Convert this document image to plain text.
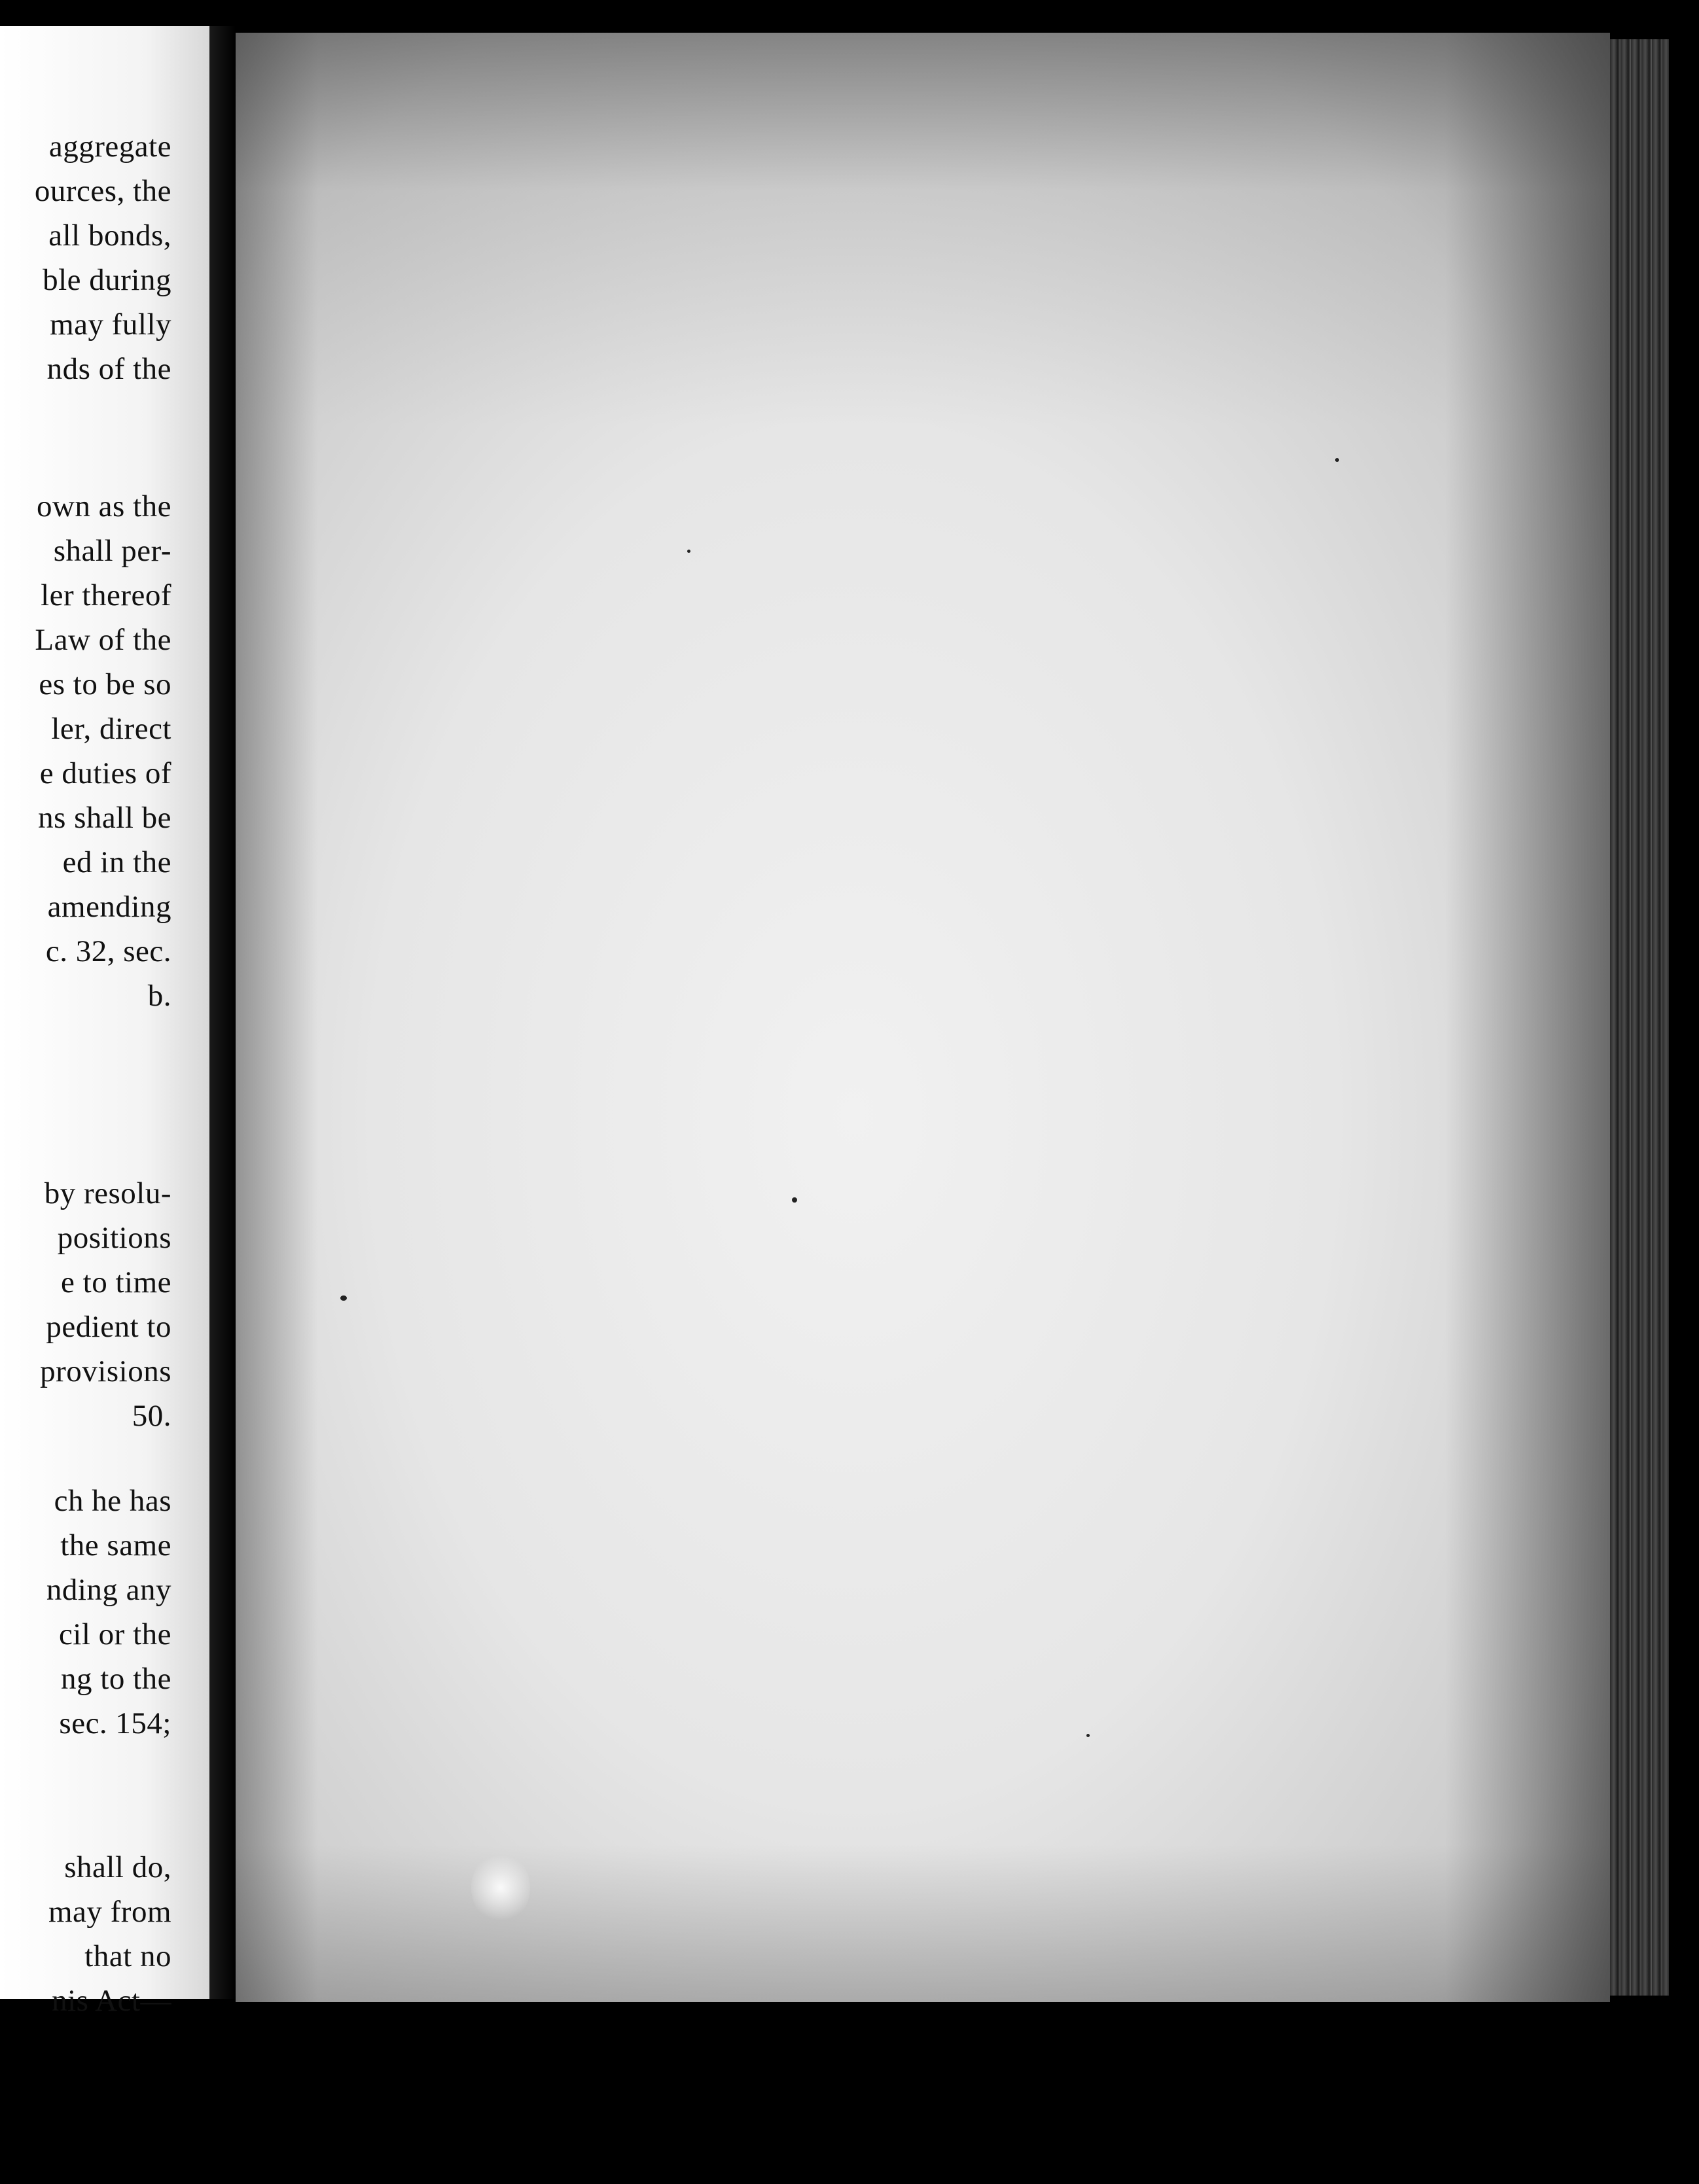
aggregate
ources, the
all bonds,
ble during
may fully
nds of the
own as the
shall per-
ler thereof
Law of the
es to be so
ler, direct
e duties of
ns shall be
ed in the
amending
c. 32, sec.
b.
by resolu-
positions
e to time
pedient to
provisions
50.
ch he has
the same
nding any
cil or the
ng to the
sec. 154;
shall do,
may from
that no
nis Act—
